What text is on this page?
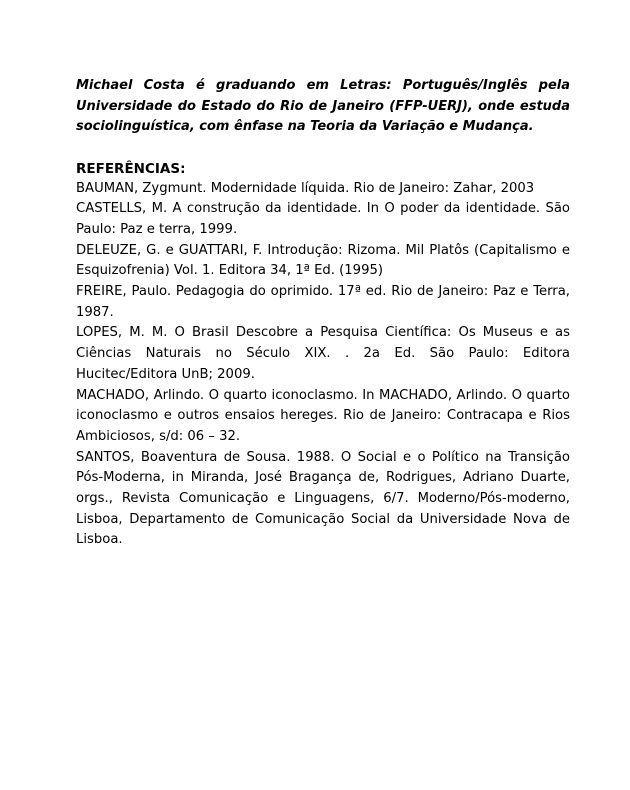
Michael Costa é graduando em Letras: Português/Inglês pela Universidade do Estado do Rio de Janeiro (FFP-UERJ), onde estuda sociolinguística, com ênfase na Teoria da Variação e Mudança.

REFERÊNCIAS:
BAUMAN, Zygmunt. Modernidade líquida. Rio de Janeiro: Zahar, 2003
CASTELLS, M. A construção da identidade. In O poder da identidade. São Paulo: Paz e terra, 1999.
DELEUZE, G. e GUATTARI, F. Introdução: Rizoma. Mil Platôs (Capitalismo e Esquizofrenia) Vol. 1. Editora 34, 1ª Ed. (1995)
FREIRE, Paulo. Pedagogia do oprimido. 17ª ed. Rio de Janeiro: Paz e Terra, 1987.
LOPES, M. M. O Brasil Descobre a Pesquisa Científica: Os Museus e as Ciências Naturais no Século XIX. . 2a Ed. São Paulo: Editora Hucitec/Editora UnB; 2009.
MACHADO, Arlindo. O quarto iconoclasmo. In MACHADO, Arlindo. O quarto iconoclasmo e outros ensaios hereges. Rio de Janeiro: Contracapa e Rios Ambiciosos, s/d: 06 – 32.
SANTOS, Boaventura de Sousa. 1988. O Social e o Político na Transição Pós-Moderna, in Miranda, José Bragança de, Rodrigues, Adriano Duarte, orgs., Revista Comunicação e Linguagens, 6/7. Moderno/Pós-moderno, Lisboa, Departamento de Comunicação Social da Universidade Nova de Lisboa.
